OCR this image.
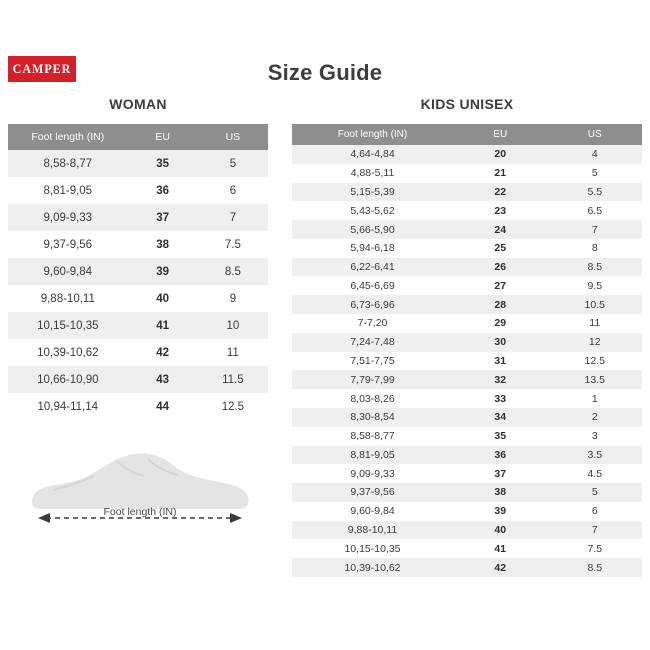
CAMPER	Size Guide
WOMAN
Foot length (IN)	EU	US
8,58-8,77	35	5
8,81-9,05	36	6
9,09-9,33	37	7
9,37-9,56	38	7.5
9,60-9,84	39	8.5
9,88-10,11	40	9
10,15-10,35	41	10
10,39-10,62	42	11
10,66-10,90	43	11.5
10,94-11,14	44	12.5
KIDS UNISEX
Foot length (IN)	EU	US
4,64-4,84	20	4
4,88-5,11	21	5
5,15-5,39	22	5.5
5,43-5,62	23	6.5
5,66-5,90	24	7
5,94-6,18	25	8
6,22-6,41	26	8.5
6,45-6,69	27	9.5
6,73-6,96	28	10.5
7-7,20	29	11
7,24-7,48	30	12
7,51-7,75	31	12.5
7,79-7,99	32	13.5
8,03-8,26	33	1
8,30-8,54	34	2
8,58-8,77	35	3
8,81-9,05	36	3.5
9,09-9,33	37	4.5
9,37-9,56	38	5
9,60-9,84	39	6
9,88-10,11	40	7
10,15-10,35	41	7.5
10,39-10,62	42	8.5
Foot length (IN)
